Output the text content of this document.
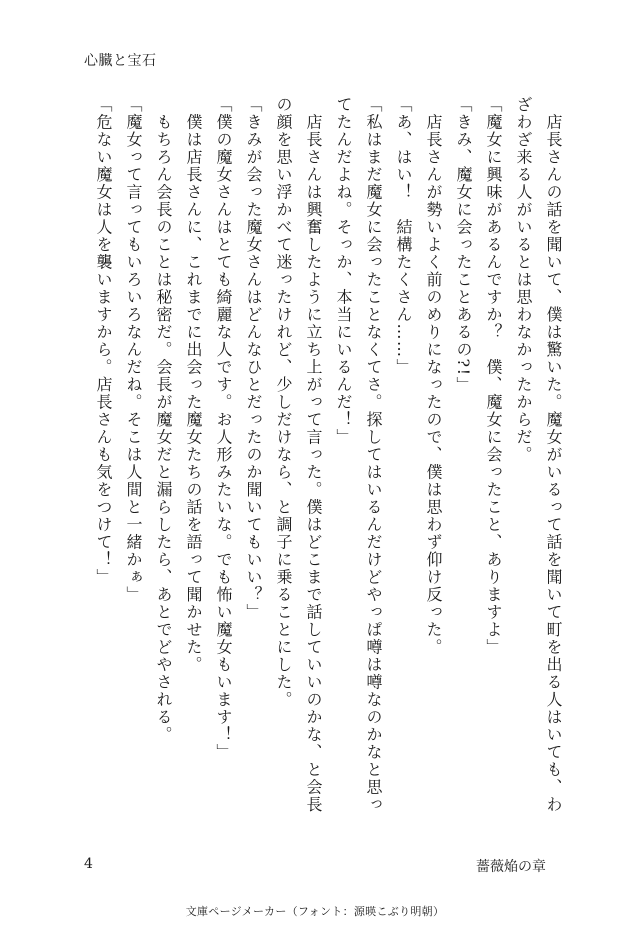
心臓と宝石

　店長さんの話を聞いて、僕は驚いた。魔女がいるって話を聞いて町を出る人はいても、わざわざ来る人がいるとは思わなかったからだ。

「魔女に興味があるんですか？　僕、魔女に会ったこと、ありますよ」

「きみ、魔女に会ったことあるの?!」

　店長さんが勢いよく前のめりになったので、僕は思わず仰け反った。

「あ、はい！　結構たくさん……」

「私はまだ魔女に会ったことなくてさ。探してはいるんだけどやっぱ噂は噂なのかなと思ってたんだよね。そっか、本当にいるんだ！」

　店長さんは興奮したように立ち上がって言った。僕はどこまで話していいのかな、と会長の顔を思い浮かべて迷ったけれど、少しだけなら、と調子に乗ることにした。

「きみが会った魔女さんはどんなひとだったのか聞いてもいい？」

「僕の魔女さんはとても綺麗な人です。お人形みたいな。でも怖い魔女もいます！」

　僕は店長さんに、これまでに出会った魔女たちの話を語って聞かせた。

　もちろん会長のことは秘密だ。会長が魔女だと漏らしたら、あとでどやされる。

「魔女って言ってもいろいろなんだね。そこは人間と一緒かぁ」

「危ない魔女は人を襲いますから。店長さんも気をつけて！」

4	薔薇焔の章
文庫ページメーカー（フォント：源暎こぶり明朝）
